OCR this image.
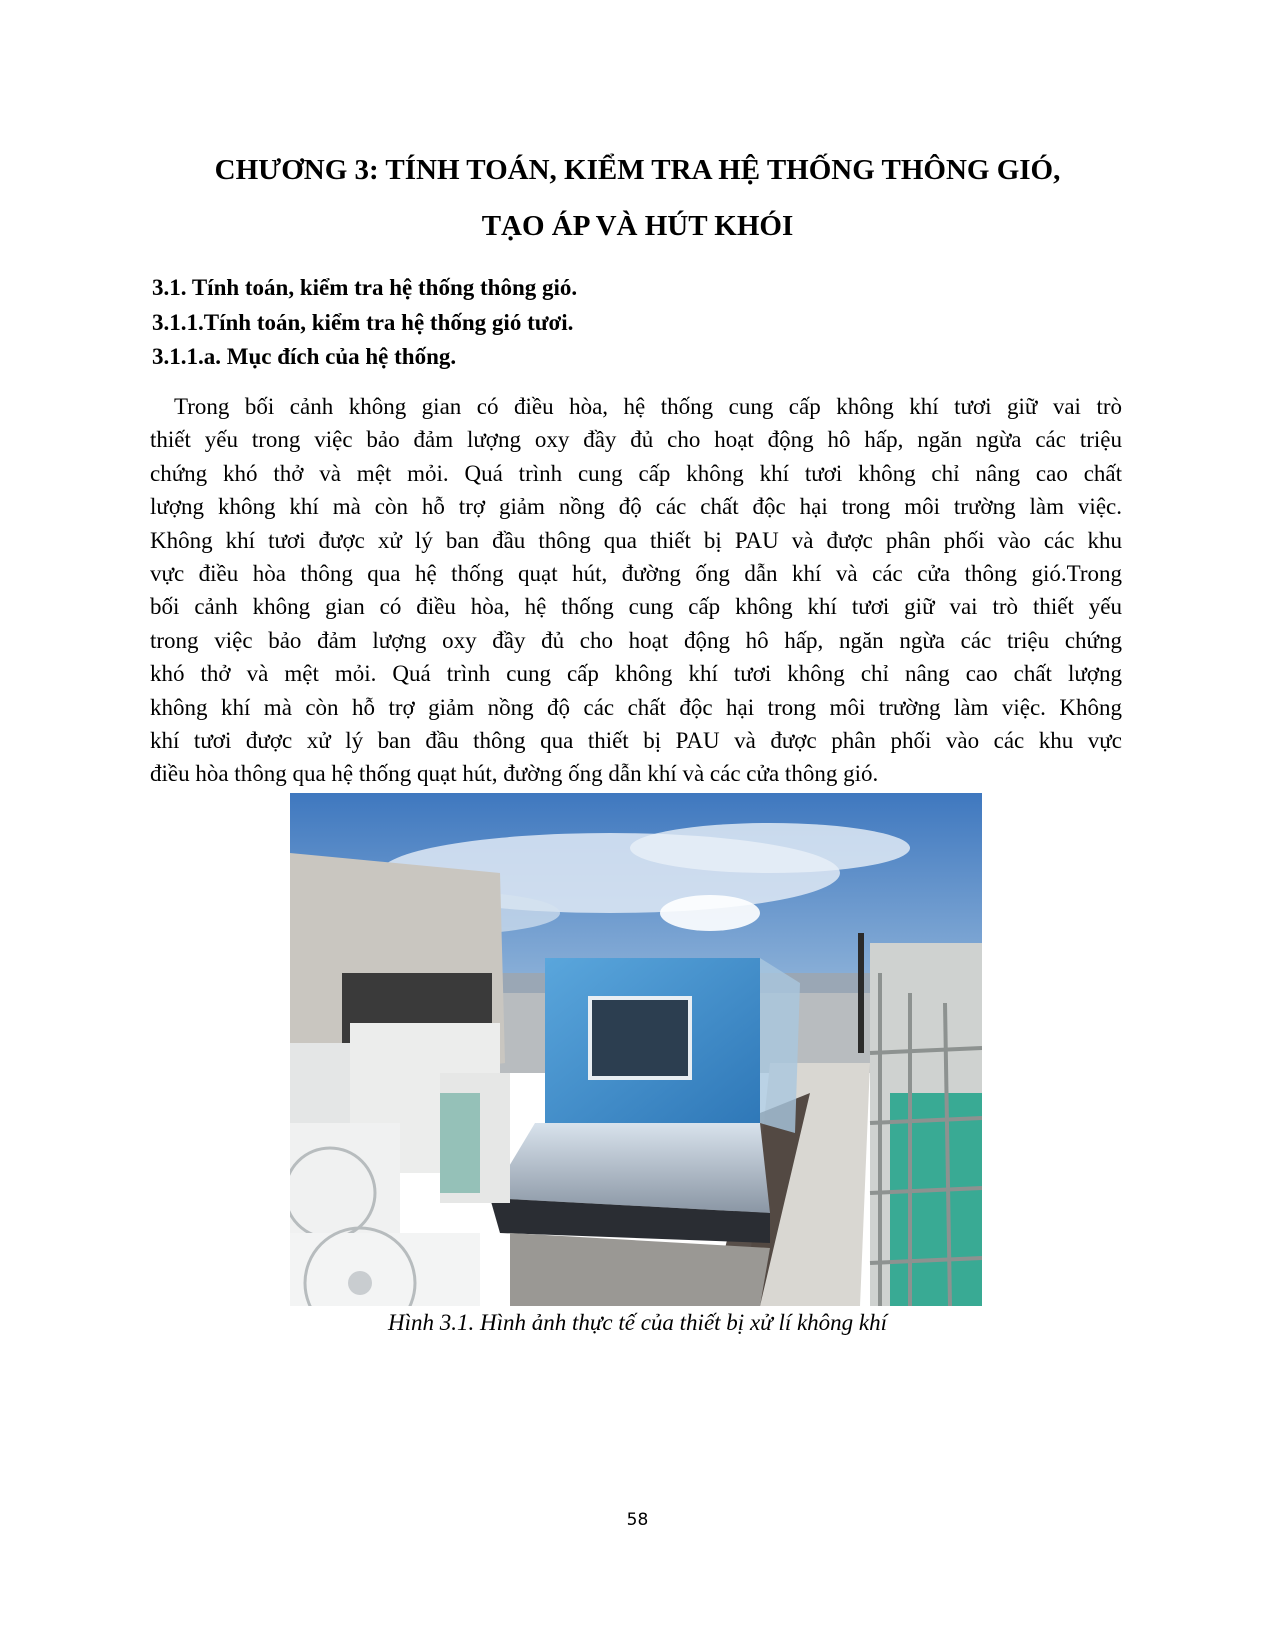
CHƯƠNG 3: TÍNH TOÁN, KIỂM TRA HỆ THỐNG THÔNG GIÓ,
TẠO ÁP VÀ HÚT KHÓI
3.1. Tính toán, kiểm tra hệ thống thông gió.
3.1.1.Tính toán, kiểm tra hệ thống gió tươi.
3.1.1.a. Mục đích của hệ thống.
Trong bối cảnh không gian có điều hòa, hệ thống cung cấp không khí tươi giữ vai trò
thiết yếu trong việc bảo đảm lượng oxy đầy đủ cho hoạt động hô hấp, ngăn ngừa các triệu
chứng khó thở và mệt mỏi. Quá trình cung cấp không khí tươi không chỉ nâng cao chất
lượng không khí mà còn hỗ trợ giảm nồng độ các chất độc hại trong môi trường làm việc.
Không khí tươi được xử lý ban đầu thông qua thiết bị PAU và được phân phối vào các khu
vực điều hòa thông qua hệ thống quạt hút, đường ống dẫn khí và các cửa thông gió.Trong
bối cảnh không gian có điều hòa, hệ thống cung cấp không khí tươi giữ vai trò thiết yếu
trong việc bảo đảm lượng oxy đầy đủ cho hoạt động hô hấp, ngăn ngừa các triệu chứng
khó thở và mệt mỏi. Quá trình cung cấp không khí tươi không chỉ nâng cao chất lượng
không khí mà còn hỗ trợ giảm nồng độ các chất độc hại trong môi trường làm việc. Không
khí tươi được xử lý ban đầu thông qua thiết bị PAU và được phân phối vào các khu vực
điều hòa thông qua hệ thống quạt hút, đường ống dẫn khí và các cửa thông gió.
Hình 3.1. Hình ảnh thực tế của thiết bị xử lí không khí
58
